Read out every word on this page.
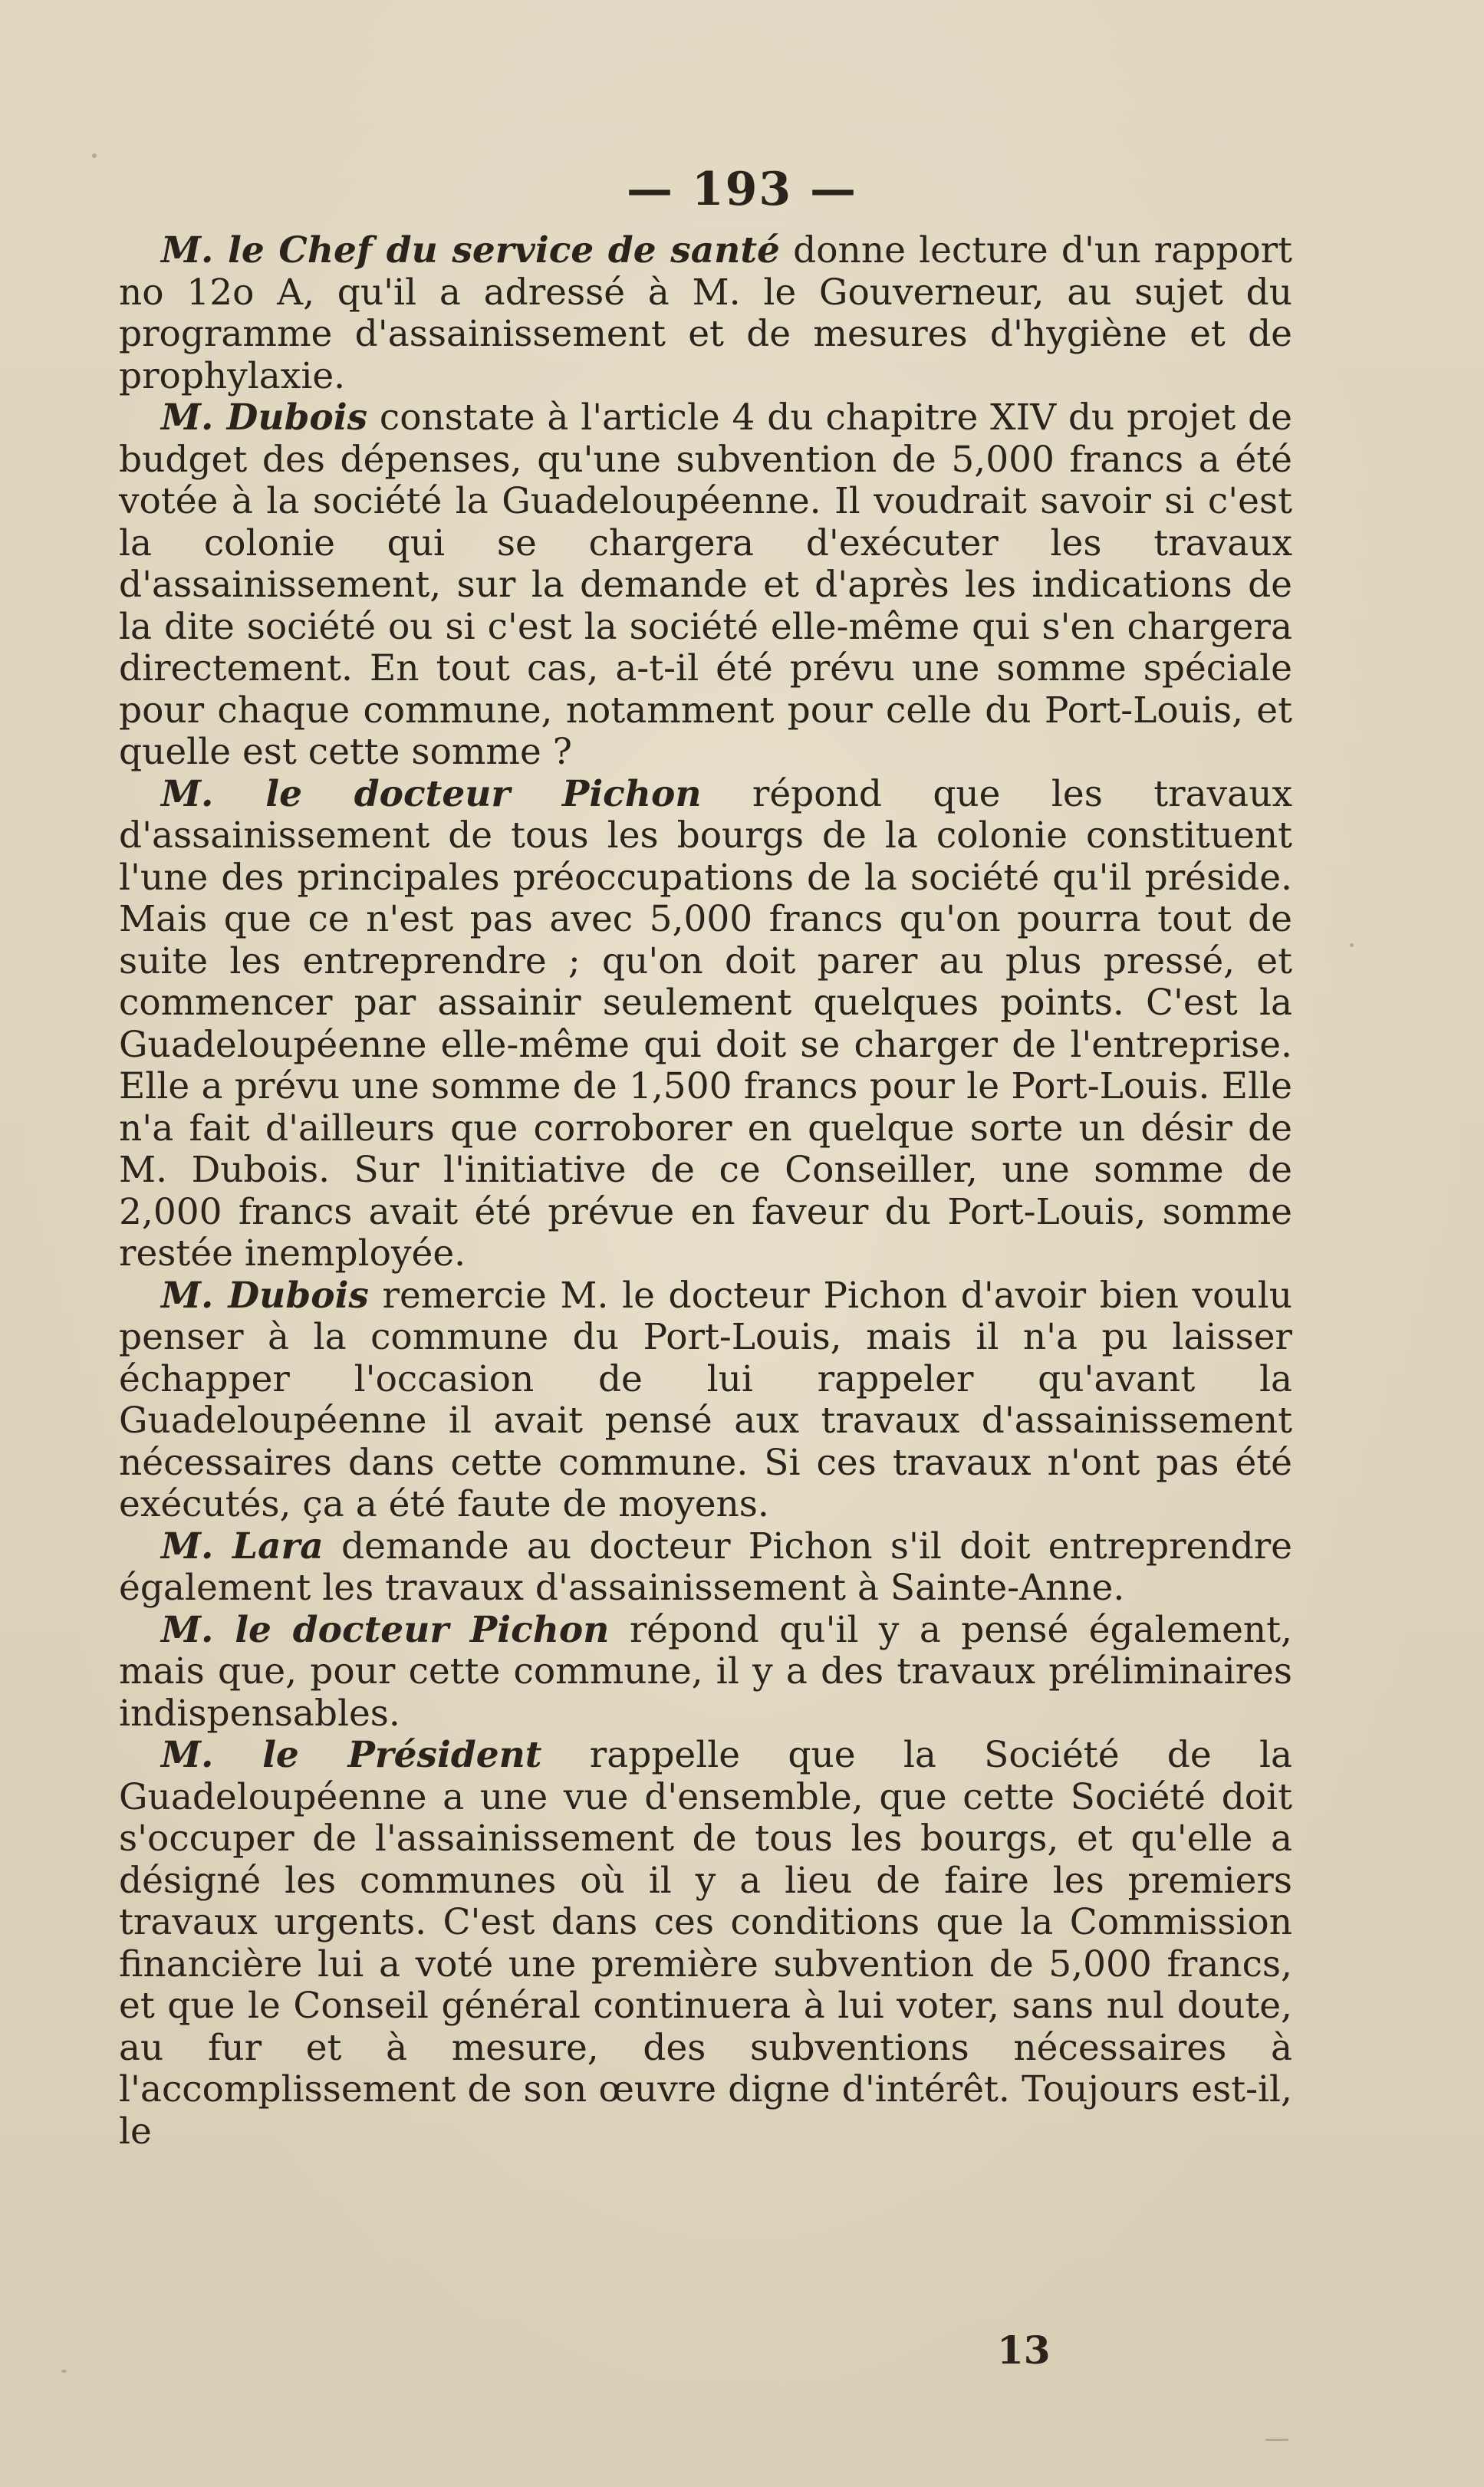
— 193 —

M. le Chef du service de santé donne lecture d'un rapport no 12o A, qu'il a adressé à M. le Gouverneur, au sujet du programme d'assainissement et de mesures d'hygiène et de prophylaxie.

M. Dubois constate à l'article 4 du chapitre XIV du projet de budget des dépenses, qu'une subvention de 5,000 francs a été votée à la société la Guadeloupéenne. Il voudrait savoir si c'est la colonie qui se chargera d'exécuter les travaux d'assainissement, sur la demande et d'après les indications de la dite société ou si c'est la société elle-même qui s'en chargera directement. En tout cas, a-t-il été prévu une somme spéciale pour chaque commune, notamment pour celle du Port-Louis, et quelle est cette somme ?

M. le docteur Pichon répond que les travaux d'assainissement de tous les bourgs de la colonie constituent l'une des principales préoccupations de la société qu'il préside. Mais que ce n'est pas avec 5,000 francs qu'on pourra tout de suite les entreprendre ; qu'on doit parer au plus pressé, et commencer par assainir seulement quelques points. C'est la Guadeloupéenne elle-même qui doit se charger de l'entreprise. Elle a prévu une somme de 1,500 francs pour le Port-Louis. Elle n'a fait d'ailleurs que corroborer en quelque sorte un désir de M. Dubois. Sur l'initiative de ce Conseiller, une somme de 2,000 francs avait été prévue en faveur du Port-Louis, somme restée inemployée.

M. Dubois remercie M. le docteur Pichon d'avoir bien voulu penser à la commune du Port-Louis, mais il n'a pu laisser échapper l'occasion de lui rappeler qu'avant la Guadeloupéenne il avait pensé aux travaux d'assainissement nécessaires dans cette commune. Si ces travaux n'ont pas été exécutés, ça a été faute de moyens.

M. Lara demande au docteur Pichon s'il doit entreprendre également les travaux d'assainissement à Sainte-Anne.

M. le docteur Pichon répond qu'il y a pensé également, mais que, pour cette commune, il y a des travaux préliminaires indispensables.

M. le Président rappelle que la Société de la Guadeloupéenne a une vue d'ensemble, que cette Société doit s'occuper de l'assainissement de tous les bourgs, et qu'elle a désigné les communes où il y a lieu de faire les premiers travaux urgents. C'est dans ces conditions que la Commission financière lui a voté une première subvention de 5,000 francs, et que le Conseil général continuera à lui voter, sans nul doute, au fur et à mesure, des subventions nécessaires à l'accomplissement de son œuvre digne d'intérêt. Toujours est-il, le

13
